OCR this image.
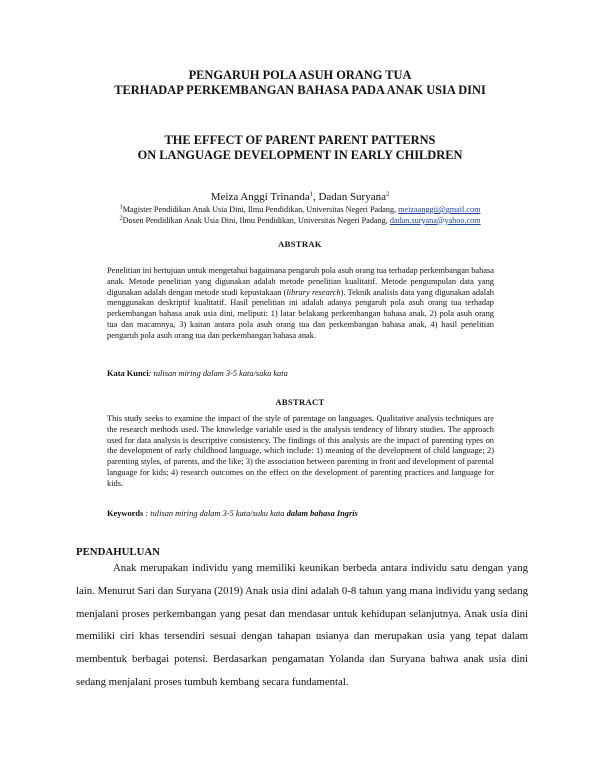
PENGARUH POLA ASUH ORANG TUA
TERHADAP PERKEMBANGAN BAHASA PADA ANAK USIA DINI
THE EFFECT OF PARENT PARENT PATTERNS
ON LANGUAGE DEVELOPMENT IN EARLY CHILDREN
Meiza Anggi Trinanda$^1$, Dadan Suryana$^2$
$^1$Magister Pendidikan Anak Usia Dini, Ilmu Pendidikan, Universitas Negeri Padang, meizaanggii@gmail.com
$^2$Dosen Pendidikan Anak Usia Dini, Ilmu Pendidikan, Universitas Negeri Padang, dadan.suryana@yahoo.com
ABSTRAK
Penelitian ini bertujuan untuk mengetahui bagaimana pengaruh pola asuh orang tua terhadap perkembangan bahasa anak. Metode penelitian yang digunakan adalah metode penelitian kualitatif. Metode pengumpulan data yang digunakan adalah dengan metode studi kepustakaan (library research). Teknik analisis data yang digunakan adalah menggunakan deskriptif kualitatif. Hasil penelitian ini adalah adanya pengaruh pola asuh orang tua terhadap perkembangan bahasa anak usia dini, meliputi: 1) latar belakang perkembangan bahasa anak, 2) pola asuh orang tua dan macamnya, 3) kaitan antara pola asuh orang tua dan perkembangan bahasa anak, 4) hasil penelitian pengaruh pola asuh orang tua dan perkembangan bahasa anak.
Kata Kunci: tulisan miring dalam 3-5 kata/suku kata
ABSTRACT
This study seeks to examine the impact of the style of parentage on languages. Qualitative analysis techniques are the research methods used. The knowledge variable used is the analysis tendency of library studies. The approach used for data analysis is descriptive consistency. The findings of this analysis are the impact of parenting types on the development of early childhood language, which include: 1) meaning of the development of child language; 2) parenting styles, of parents, and the like; 3) the association between parenting in front and development of parental language for kids; 4) research outcomes on the effect on the development of parenting practices and language for kids.
Keywords : tulisan miring dalam 3-5 kata/suku kata dalam bahasa Ingris
PENDAHULUAN
Anak merupakan individu yang memiliki keunikan berbeda antara individu satu dengan yang lain. Menurut Sari dan Suryana (2019) Anak usia dini adalah 0-8 tahun yang mana individu yang sedang menjalani proses perkembangan yang pesat dan mendasar untuk kehidupan selanjutnya. Anak usia dini memiliki ciri khas tersendiri sesuai dengan tahapan usianya dan merupakan usia yang tepat dalam membentuk berbagai potensi. Berdasarkan pengamatan Yolanda dan Suryana bahwa anak usia dini sedang menjalani proses tumbuh kembang secara fundamental.
